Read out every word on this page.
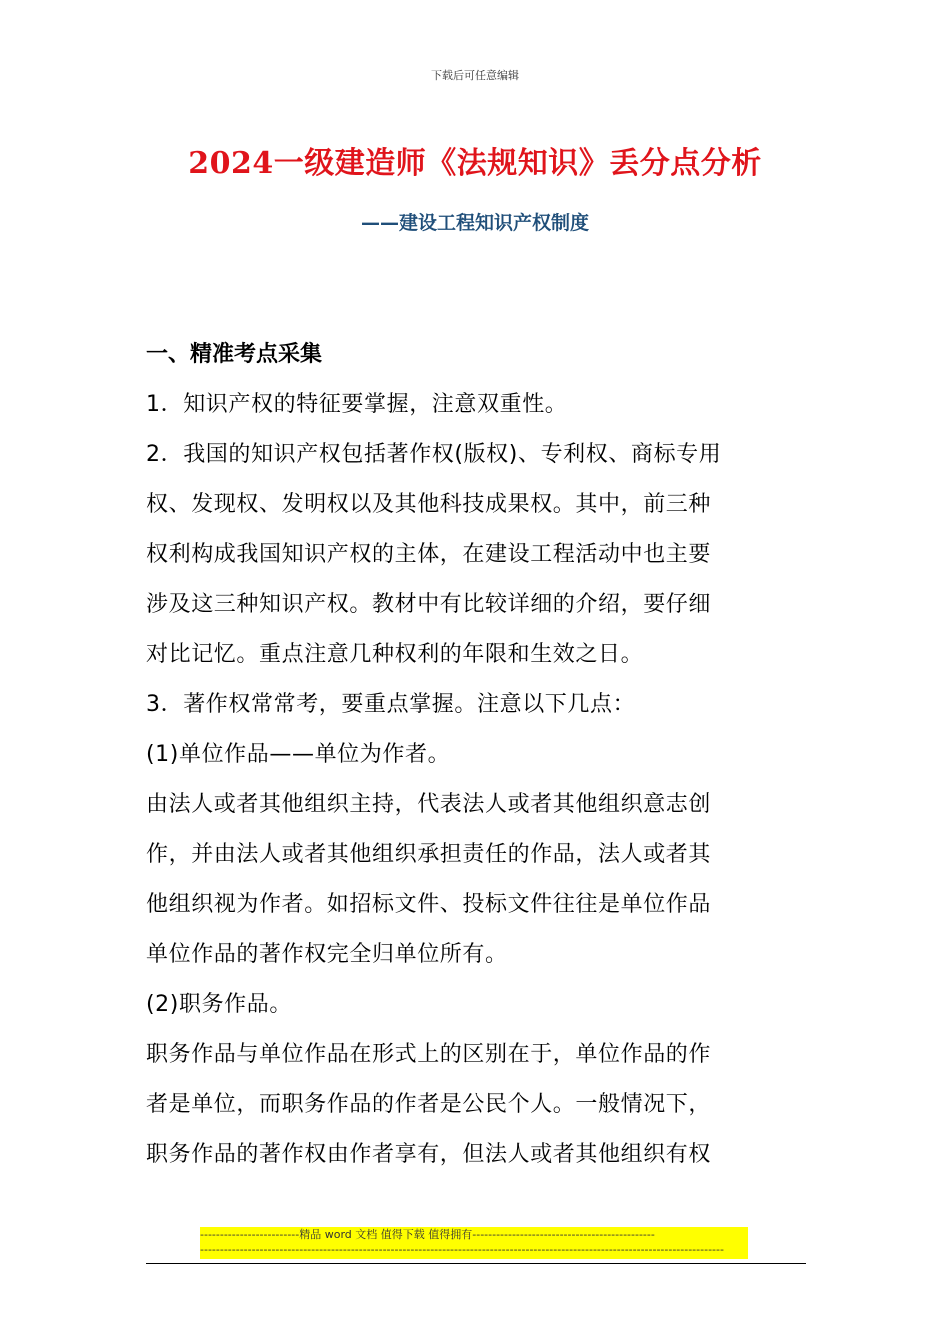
下载后可任意编辑
2024一级建造师《法规知识》丢分点分析
——建设工程知识产权制度
一、精准考点采集
1．知识产权的特征要掌握，注意双重性。
2．我国的知识产权包括著作权(版权)、专利权、商标专用
权、发现权、发明权以及其他科技成果权。其中，前三种
权利构成我国知识产权的主体，在建设工程活动中也主要
涉及这三种知识产权。教材中有比较详细的介绍，要仔细
对比记忆。重点注意几种权利的年限和生效之日。
3．著作权常常考，要重点掌握。注意以下几点：
(1)单位作品——单位为作者。
由法人或者其他组织主持，代表法人或者其他组织意志创
作，并由法人或者其他组织承担责任的作品，法人或者其
他组织视为作者。如招标文件、投标文件往往是单位作品
单位作品的著作权完全归单位所有。
(2)职务作品。
职务作品与单位作品在形式上的区别在于，单位作品的作
者是单位，而职务作品的作者是公民个人。一般情况下，
职务作品的著作权由作者享有，但法人或者其他组织有权
-------------------------精品 word 文档 值得下载 值得拥有----------------------------------------------
------------------------------------------------------------------------------------------------------------------------------------
